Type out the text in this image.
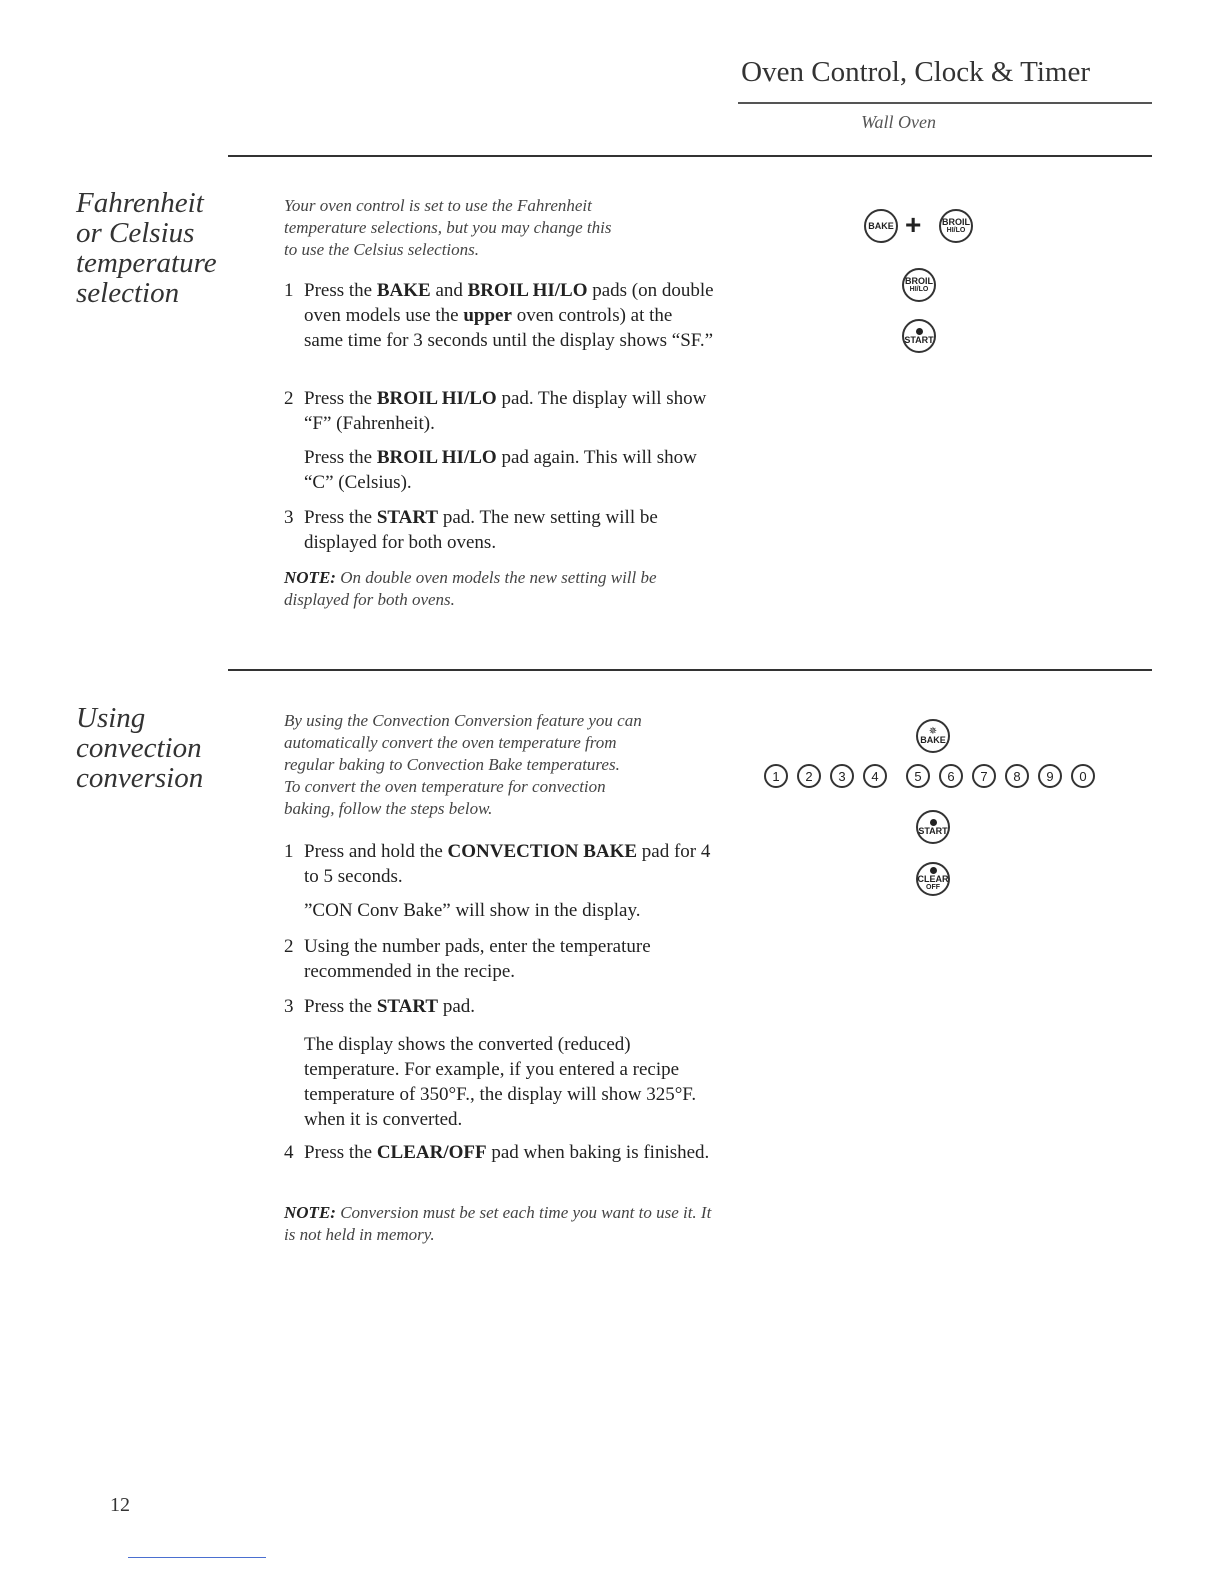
Oven Control, Clock & Timer
Wall Oven
Fahrenheit
or Celsius
temperature
selection
Your oven control is set to use the Fahrenheit
temperature selections, but you may change this
to use the Celsius selections.
1 Press the BAKE and BROIL HI/LO pads (on double oven models use the upper oven controls) at the same time for 3 seconds until the display shows “SF.”
2 Press the BROIL HI/LO pad. The display will show “F” (Fahrenheit).
Press the BROIL HI/LO pad again. This will show “C” (Celsius).
3 Press the START pad. The new setting will be displayed for both ovens.
NOTE: On double oven models the new setting will be displayed for both ovens.
BAKE + BROIL
HI/LO
BROIL
HI/LO
START
Using
convection
conversion
By using the Convection Conversion feature you can
automatically convert the oven temperature from
regular baking to Convection Bake temperatures.
To convert the oven temperature for convection
baking, follow the steps below.
1 Press and hold the CONVECTION BAKE pad for 4 to 5 seconds.
”CON Conv Bake” will show in the display.
2 Using the number pads, enter the temperature recommended in the recipe.
3 Press the START pad.
The display shows the converted (reduced) temperature. For example, if you entered a recipe temperature of 350°F., the display will show 325°F. when it is converted.
4 Press the CLEAR/OFF pad when baking is finished.
NOTE: Conversion must be set each time you want to use it. It is not held in memory.
✵
BAKE
1	2	3	4	5	6	7	8	9	0
START
CLEAR
OFF
12
